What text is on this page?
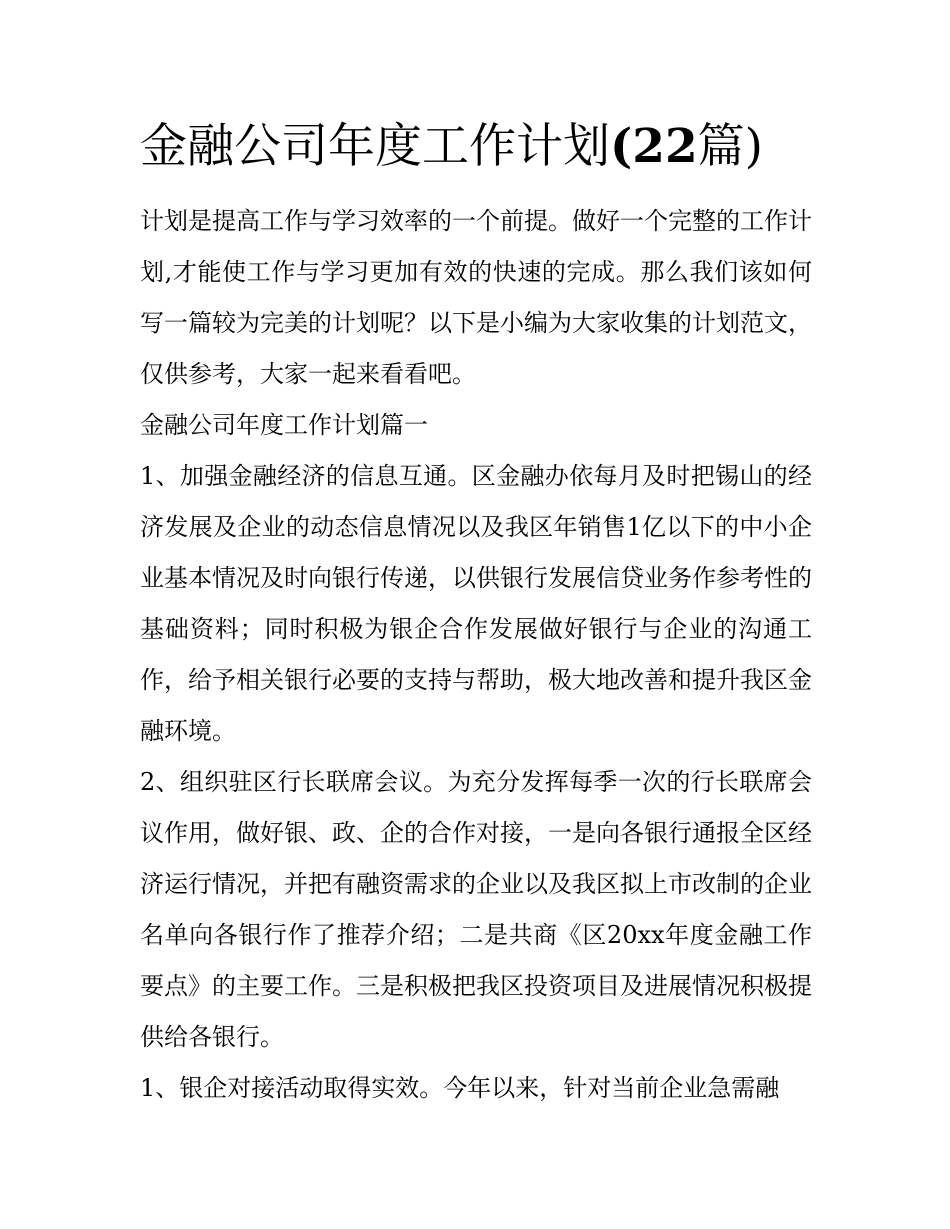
金融公司年度工作计划(22篇)

计划是提高工作与学习效率的一个前提。做好一个完整的工作计划,才能使工作与学习更加有效的快速的完成。那么我们该如何写一篇较为完美的计划呢？以下是小编为大家收集的计划范文，仅供参考，大家一起来看看吧。

金融公司年度工作计划篇一

1、加强金融经济的信息互通。区金融办依每月及时把锡山的经济发展及企业的动态信息情况以及我区年销售1亿以下的中小企业基本情况及时向银行传递，以供银行发展信贷业务作参考性的基础资料；同时积极为银企合作发展做好银行与企业的沟通工作，给予相关银行必要的支持与帮助，极大地改善和提升我区金融环境。

2、组织驻区行长联席会议。为充分发挥每季一次的行长联席会议作用，做好银、政、企的合作对接，一是向各银行通报全区经济运行情况，并把有融资需求的企业以及我区拟上市改制的企业名单向各银行作了推荐介绍；二是共商《区20xx年度金融工作要点》的主要工作。三是积极把我区投资项目及进展情况积极提供给各银行。

1、银企对接活动取得实效。今年以来，针对当前企业急需融
